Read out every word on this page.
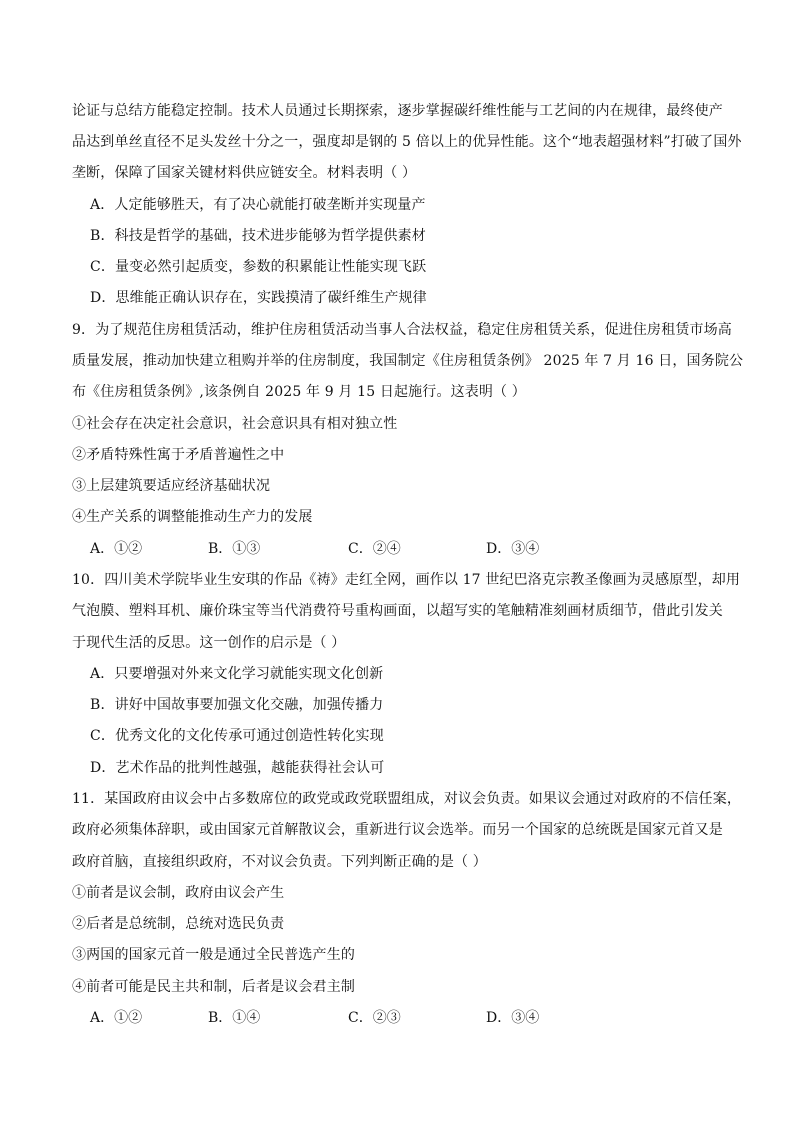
论证与总结方能稳定控制。技术人员通过长期探索，逐步掌握碳纤维性能与工艺间的内在规律，最终使产
品达到单丝直径不足头发丝十分之一，强度却是钢的 5 倍以上的优异性能。这个“地表超强材料”打破了国外
垄断，保障了国家关键材料供应链安全。材料表明（ ）
A．人定能够胜天，有了决心就能打破垄断并实现量产
B．科技是哲学的基础，技术进步能够为哲学提供素材
C．量变必然引起质变，参数的积累能让性能实现飞跃
D．思维能正确认识存在，实践摸清了碳纤维生产规律
9．为了规范住房租赁活动，维护住房租赁活动当事人合法权益，稳定住房租赁关系，促进住房租赁市场高
质量发展，推动加快建立租购并举的住房制度，我国制定《住房租赁条例》 2025 年 7 月 16 日，国务院公
布《住房租赁条例》,该条例自 2025 年 9 月 15 日起施行。这表明（ ）
①社会存在决定社会意识，社会意识具有相对独立性
②矛盾特殊性寓于矛盾普遍性之中
③上层建筑要适应经济基础状况
④生产关系的调整能推动生产力的发展
A．①②	B．①③	C．②④	D．③④
10．四川美术学院毕业生安琪的作品《祷》走红全网，画作以 17 世纪巴洛克宗教圣像画为灵感原型，却用
气泡膜、塑料耳机、廉价珠宝等当代消费符号重构画面，以超写实的笔触精准刻画材质细节，借此引发关
于现代生活的反思。这一创作的启示是（ ）
A．只要增强对外来文化学习就能实现文化创新
B．讲好中国故事要加强文化交融，加强传播力
C．优秀文化的文化传承可通过创造性转化实现
D．艺术作品的批判性越强，越能获得社会认可
11．某国政府由议会中占多数席位的政党或政党联盟组成，对议会负责。如果议会通过对政府的不信任案，
政府必须集体辞职，或由国家元首解散议会，重新进行议会选举。而另一个国家的总统既是国家元首又是
政府首脑，直接组织政府，不对议会负责。下列判断正确的是（ ）
①前者是议会制，政府由议会产生
②后者是总统制，总统对选民负责
③两国的国家元首一般是通过全民普选产生的
④前者可能是民主共和制，后者是议会君主制
A．①②	B．①④	C．②③	D．③④
